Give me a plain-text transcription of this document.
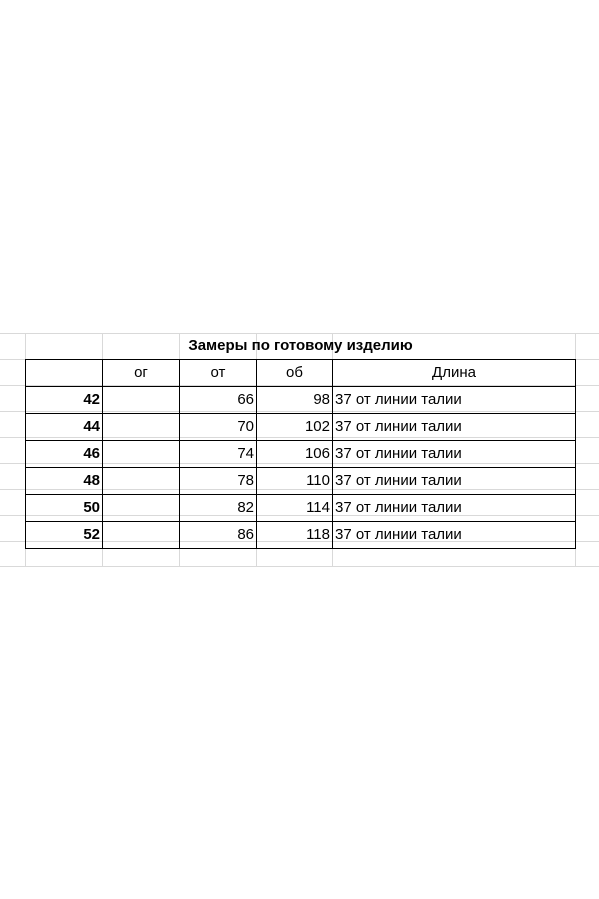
Замеры по готовому изделию				
	ог	от	об	Длина
42		66	98	37 от линии талии
44		70	102	37 от линии талии
46		74	106	37 от линии талии
48		78	110	37 от линии талии
50		82	114	37 от линии талии
52		86	118	37 от линии талии
